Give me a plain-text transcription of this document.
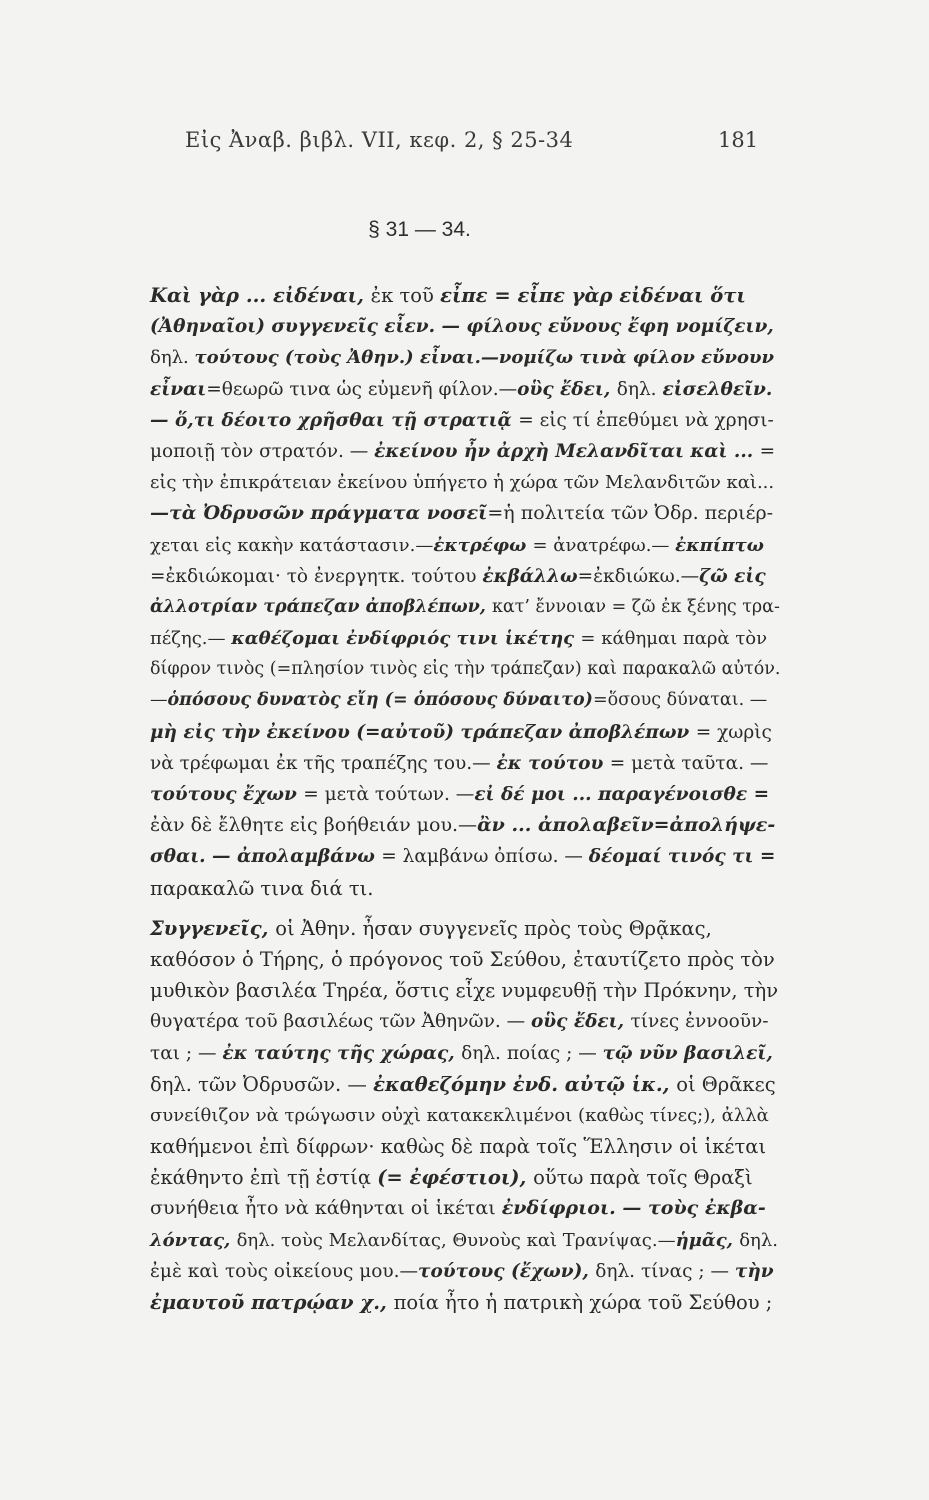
Εἰς Ἀναβ. βιβλ. VII, κεφ. 2, § 25-34	181
§ 31 — 34.
Καὶ γὰρ ... εἰδέναι, ἐκ τοῦ εἶπε = εἶπε γὰρ εἰδέναι ὅτι
(Ἀθηναῖοι) συγγενεῖς εἶεν. — φίλους εὔνους ἔφη νομίζειν,
δηλ. τούτους (τοὺς Ἀθην.) εἶναι.—νομίζω τινὰ φίλον εὔνουν
εἶναι=θεωρῶ τινα ὡς εὐμενῆ φίλον.—οὓς ἔδει, δηλ. εἰσελθεῖν.
— ὅ,τι δέοιτο χρῆσθαι τῇ στρατιᾷ = εἰς τί ἐπεθύμει νὰ χρησι-
μοποιῇ τὸν στρατόν. — ἐκείνου ἦν ἀρχὴ Μελανδῖται καὶ ... =
εἰς τὴν ἐπικράτειαν ἐκείνου ὑπήγετο ἡ χώρα τῶν Μελανδιτῶν καὶ...
—τὰ Ὀδρυσῶν πράγματα νοσεῖ=ἡ πολιτεία τῶν Ὀδρ. περιέρ-
χεται εἰς κακὴν κατάστασιν.—ἐκτρέφω = ἀνατρέφω.— ἐκπίπτω
=ἐκδιώκομαι· τὸ ἐνεργητκ. τούτου ἐκβάλλω=ἐκδιώκω.—ζῶ εἰς
ἀλλοτρίαν τράπεζαν ἀποβλέπων, κατ’ ἔννοιαν = ζῶ ἐκ ξένης τρα-
πέζης.— καθέζομαι ἐνδίφριός τινι ἱκέτης = κάθημαι παρὰ τὸν
δίφρον τινὸς (=πλησίον τινὸς εἰς τὴν τράπεζαν) καὶ παρακαλῶ αὐτόν.
—ὁπόσους δυνατὸς εἴη (= ὁπόσους δύναιτο)=ὅσους δύναται. —
μὴ εἰς τὴν ἐκείνου (=αὐτοῦ) τράπεζαν ἀποβλέπων = χωρὶς
νὰ τρέφωμαι ἐκ τῆς τραπέζης του.— ἐκ τούτου = μετὰ ταῦτα. —
τούτους ἔχων = μετὰ τούτων. —εἰ δέ μοι ... παραγένοισθε =
ἐὰν δὲ ἔλθητε εἰς βοήθειάν μου.—ἂν ... ἀπολαβεῖν=ἀπολήψε-
σθαι. — ἀπολαμβάνω = λαμβάνω ὀπίσω. — δέομαί τινός τι =
παρακαλῶ τινα διά τι.
Συγγενεῖς, οἱ Ἀθην. ἦσαν συγγενεῖς πρὸς τοὺς Θρᾷκας,
καθόσον ὁ Τήρης, ὁ πρόγονος τοῦ Σεύθου, ἐταυτίζετο πρὸς τὸν
μυθικὸν βασιλέα Τηρέα, ὅστις εἶχε νυμφευθῇ τὴν Πρόκνην, τὴν
θυγατέρα τοῦ βασιλέως τῶν Ἀθηνῶν. — οὓς ἔδει, τίνες ἐννοοῦν-
ται ; — ἐκ ταύτης τῆς χώρας, δηλ. ποίας ; — τῷ νῦν βασιλεῖ,
δηλ. τῶν Ὀδρυσῶν. — ἐκαθεζόμην ἐνδ. αὐτῷ ἱκ., οἱ Θρᾶκες
συνείθιζον νὰ τρώγωσιν οὐχὶ κατακεκλιμένοι (καθὼς τίνες;), ἀλλὰ
καθήμενοι ἐπὶ δίφρων· καθὼς δὲ παρὰ τοῖς Ἕλλησιν οἱ ἱκέται
ἐκάθηντο ἐπὶ τῇ ἑστίᾳ (= ἐφέστιοι), οὕτω παρὰ τοῖς Θραξὶ
συνήθεια ἦτο νὰ κάθηνται οἱ ἱκέται ἐνδίφριοι. — τοὺς ἐκβα-
λόντας, δηλ. τοὺς Μελανδίτας, Θυνοὺς καὶ Τρανίψας.—ἡμᾶς, δηλ.
ἐμὲ καὶ τοὺς οἰκείους μου.—τούτους (ἔχων), δηλ. τίνας ; — τὴν
ἐμαυτοῦ πατρῴαν χ., ποία ἦτο ἡ πατρικὴ χώρα τοῦ Σεύθου ;
